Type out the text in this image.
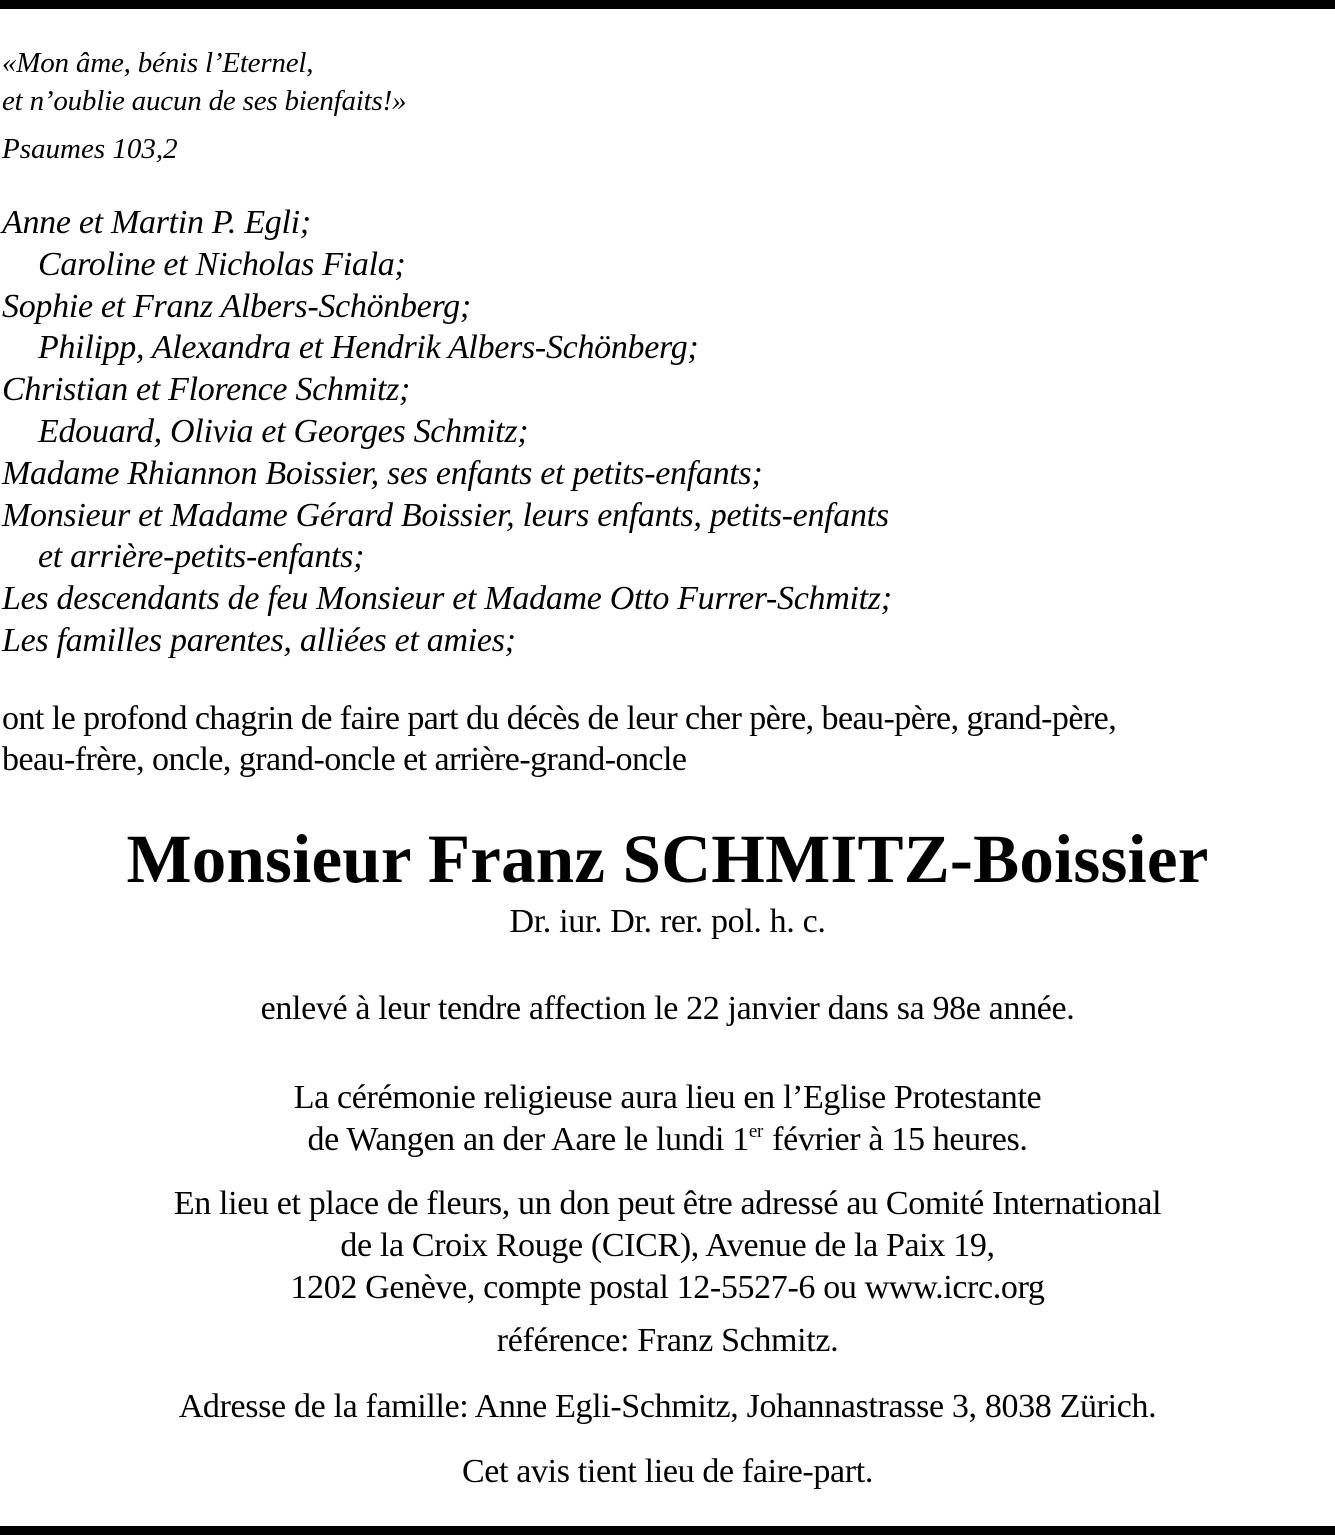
«Mon âme, bénis l’Eternel,
et n’oublie aucun de ses bienfaits!»
Psaumes 103,2
Anne et Martin P. Egli;
Caroline et Nicholas Fiala;
Sophie et Franz Albers-Schönberg;
Philipp, Alexandra et Hendrik Albers-Schönberg;
Christian et Florence Schmitz;
Edouard, Olivia et Georges Schmitz;
Madame Rhiannon Boissier, ses enfants et petits-enfants;
Monsieur et Madame Gérard Boissier, leurs enfants, petits-enfants
et arrière-petits-enfants;
Les descendants de feu Monsieur et Madame Otto Furrer-Schmitz;
Les familles parentes, alliées et amies;
ont le profond chagrin de faire part du décès de leur cher père, beau-père, grand-père,
beau-frère, oncle, grand-oncle et arrière-grand-oncle
Monsieur Franz SCHMITZ-Boissier
Dr. iur. Dr. rer. pol. h. c.
enlevé à leur tendre affection le 22 janvier dans sa 98e année.
La cérémonie religieuse aura lieu en l’Eglise Protestante
de Wangen an der Aare le lundi 1er février à 15 heures.
En lieu et place de fleurs, un don peut être adressé au Comité International
de la Croix Rouge (CICR), Avenue de la Paix 19,
1202 Genève, compte postal 12-5527-6 ou www.icrc.org
référence: Franz Schmitz.
Adresse de la famille: Anne Egli-Schmitz, Johannastrasse 3, 8038 Zürich.
Cet avis tient lieu de faire-part.
